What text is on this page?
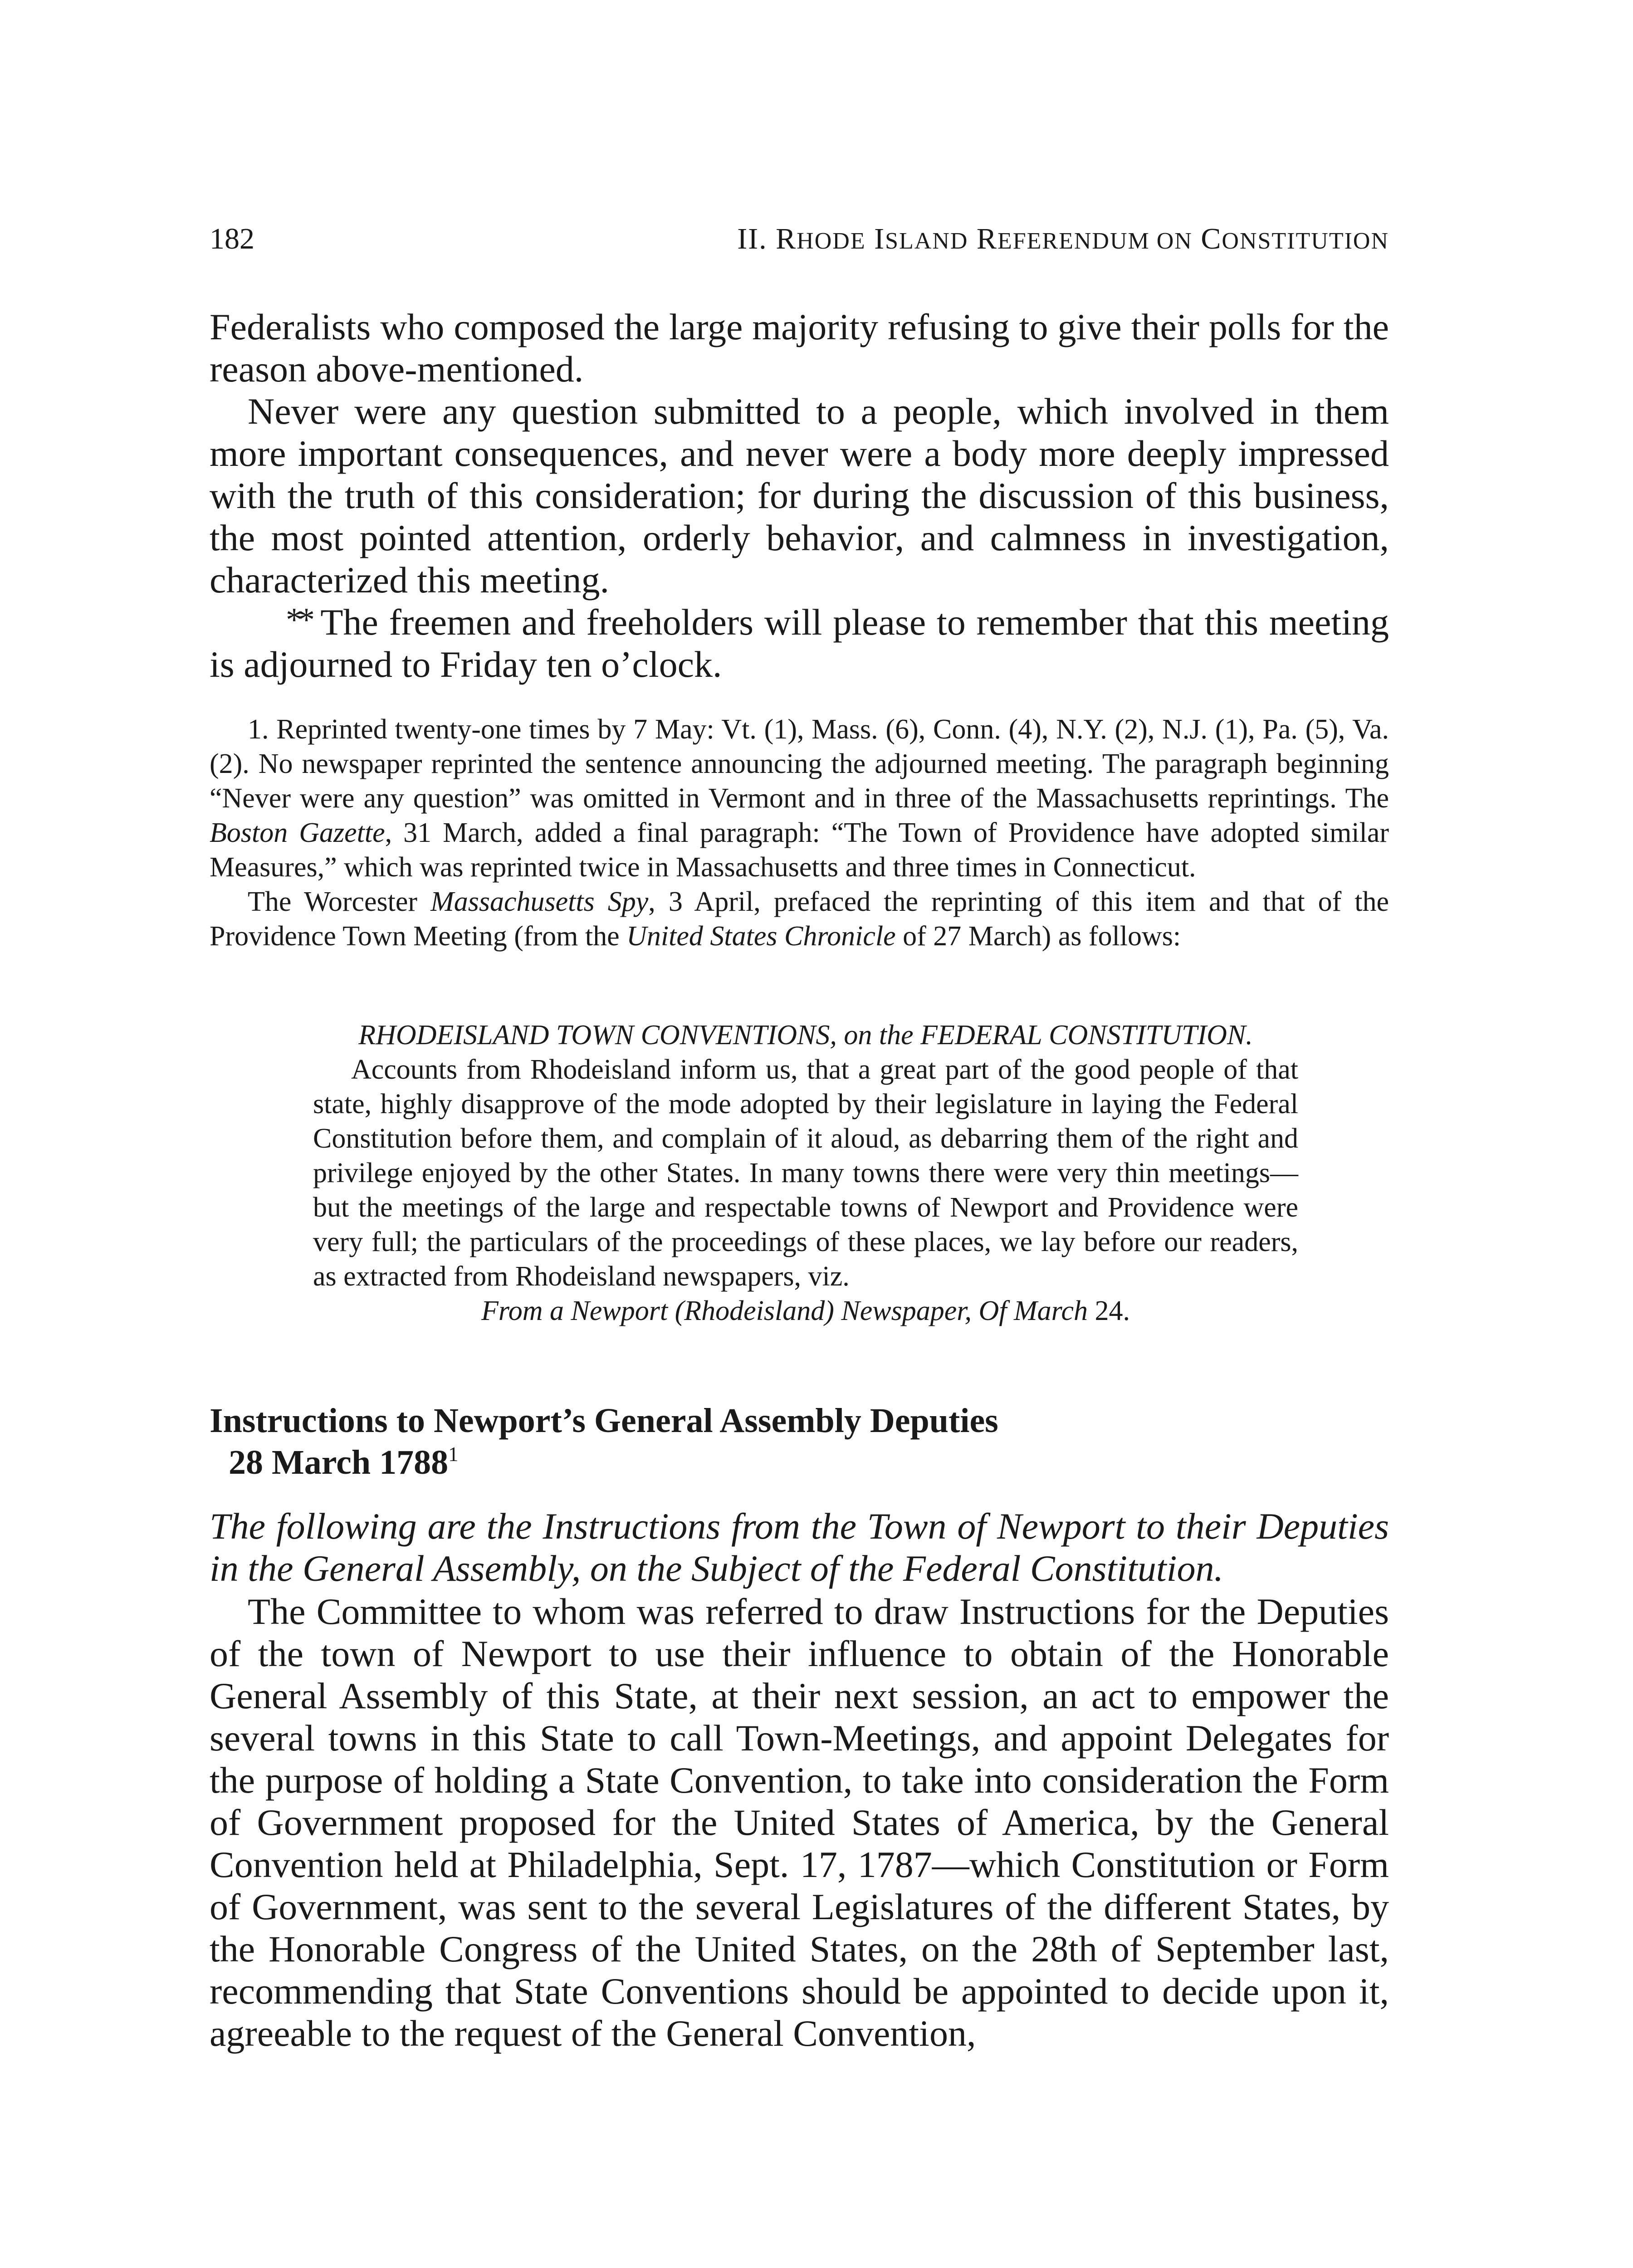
182	II. RHODE ISLAND REFERENDUM ON CONSTITUTION

Federalists who composed the large majority refusing to give their polls for the reason above-mentioned.

Never were any question submitted to a people, which involved in them more important consequences, and never were a body more deeply impressed with the truth of this consideration; for during the discussion of this business, the most pointed attention, orderly behavior, and calmness in investigation, characterized this meeting.

** The freemen and freeholders will please to remember that this meeting is adjourned to Friday ten o’clock.

1. Reprinted twenty-one times by 7 May: Vt. (1), Mass. (6), Conn. (4), N.Y. (2), N.J. (1), Pa. (5), Va. (2). No newspaper reprinted the sentence announcing the adjourned meeting. The paragraph beginning “Never were any question” was omitted in Vermont and in three of the Massachusetts reprintings. The Boston Gazette, 31 March, added a final paragraph: “The Town of Providence have adopted similar Measures,” which was reprinted twice in Massachusetts and three times in Connecticut.

The Worcester Massachusetts Spy, 3 April, prefaced the reprinting of this item and that of the Providence Town Meeting (from the United States Chronicle of 27 March) as follows:

RHODEISLAND TOWN CONVENTIONS, on the FEDERAL CONSTITUTION.

Accounts from Rhodeisland inform us, that a great part of the good people of that state, highly disapprove of the mode adopted by their legislature in laying the Federal Constitution before them, and complain of it aloud, as debarring them of the right and privilege enjoyed by the other States. In many towns there were very thin meetings—but the meetings of the large and respectable towns of Newport and Providence were very full; the particulars of the proceedings of these places, we lay before our readers, as extracted from Rhodeisland newspapers, viz.

From a Newport (Rhodeisland) Newspaper, Of March 24.

Instructions to Newport’s General Assembly Deputies
28 March 1788$^1$
The following are the Instructions from the Town of Newport to their Deputies in the General Assembly, on the Subject of the Federal Constitution.
The Committee to whom was referred to draw Instructions for the Deputies of the town of Newport to use their influence to obtain of the Honorable General Assembly of this State, at their next session, an act to empower the several towns in this State to call Town-Meetings, and appoint Delegates for the purpose of holding a State Convention, to take into consideration the Form of Government proposed for the United States of America, by the General Convention held at Philadelphia, Sept. 17, 1787—which Constitution or Form of Government, was sent to the several Legislatures of the different States, by the Honorable Congress of the United States, on the 28th of September last, recommending that State Conventions should be appointed to decide upon it, agreeable to the request of the General Convention,
